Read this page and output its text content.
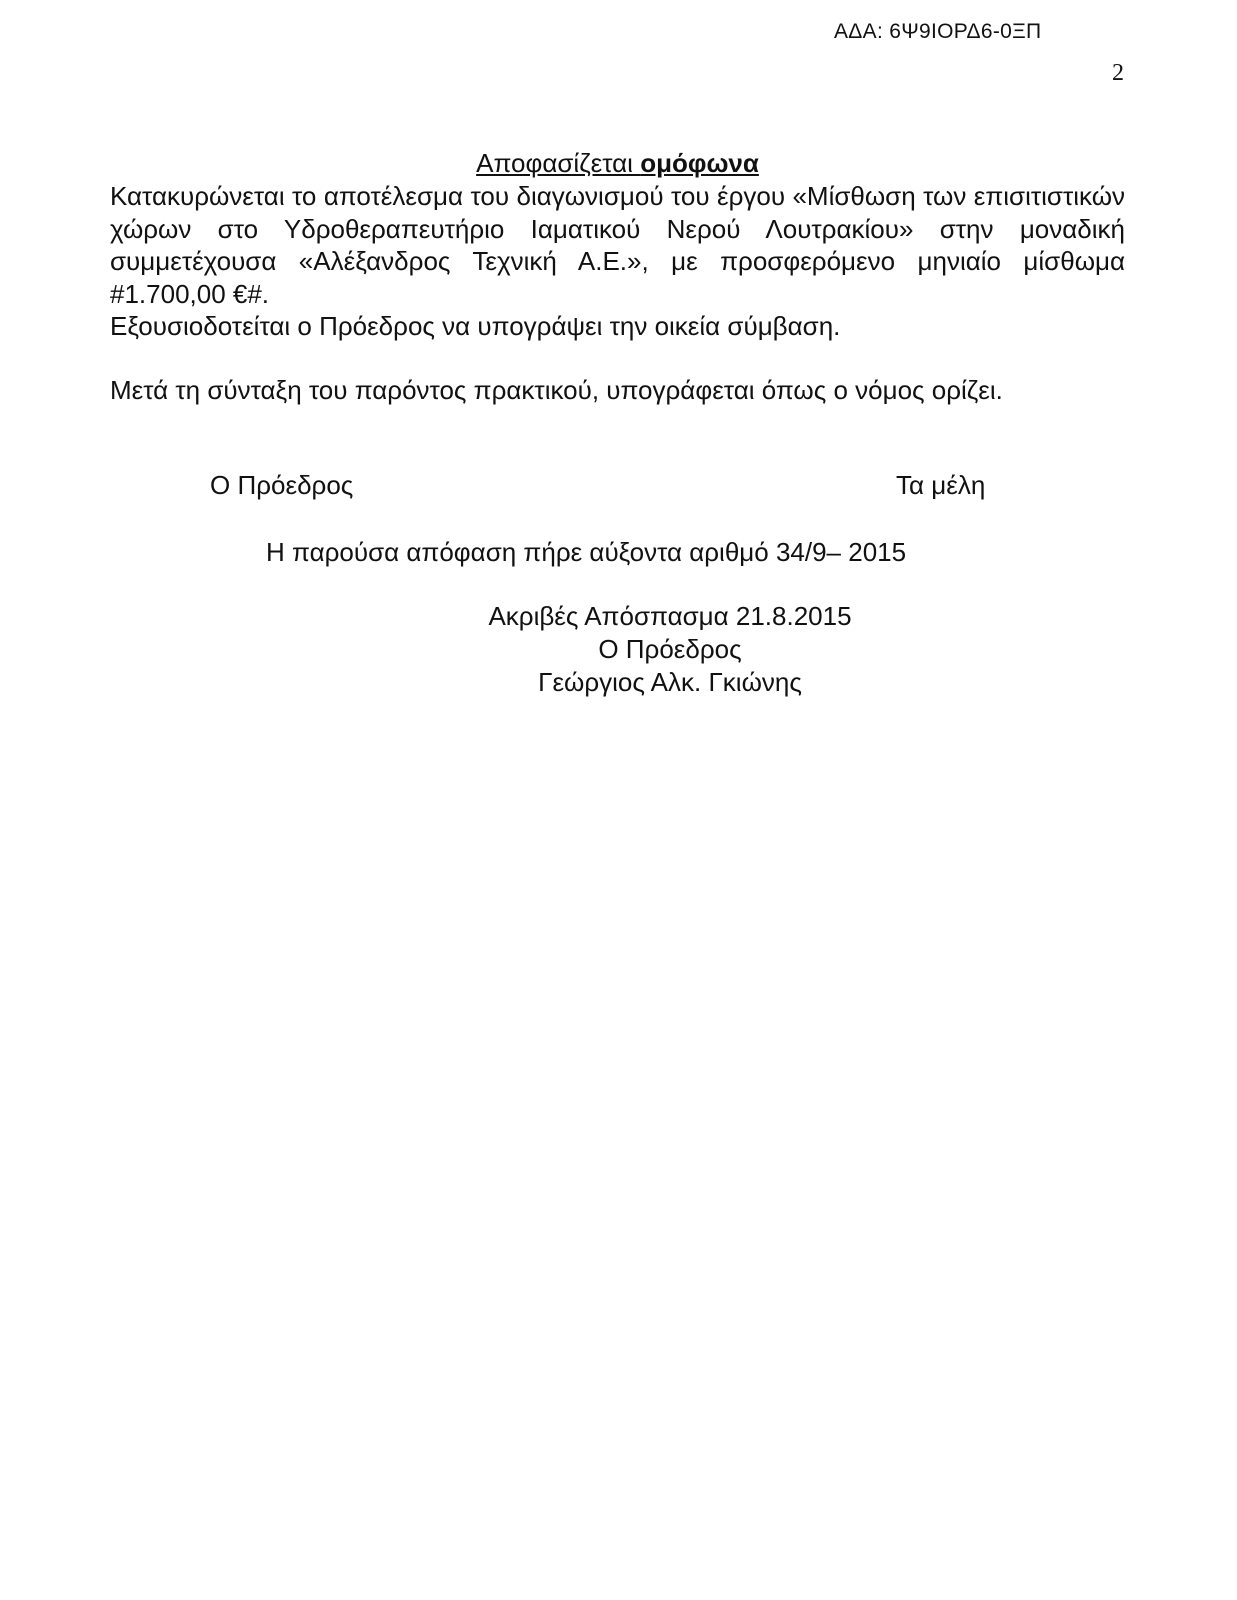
ΑΔΑ: 6Ψ9ΙΟΡΔ6-0ΞΠ
2
Αποφασίζεται ομόφωνα
Κατακυρώνεται το αποτέλεσμα του διαγωνισμού του έργου «Μίσθωση των επισιτιστικών χώρων στο Υδροθεραπευτήριο Ιαματικού Νερού Λουτρακίου» στην μοναδική συμμετέχουσα «Αλέξανδρος Τεχνική Α.Ε.», με προσφερόμενο μηνιαίο μίσθωμα #1.700,00 €#.
Εξουσιοδοτείται ο Πρόεδρος να υπογράψει την οικεία σύμβαση.
Μετά τη σύνταξη του παρόντος πρακτικού, υπογράφεται όπως ο νόμος ορίζει.
Ο Πρόεδρος	Τα μέλη
Η παρούσα απόφαση πήρε αύξοντα αριθμό 34/9– 2015
Ακριβές Απόσπασμα 21.8.2015
Ο Πρόεδρος
Γεώργιος Αλκ. Γκιώνης
